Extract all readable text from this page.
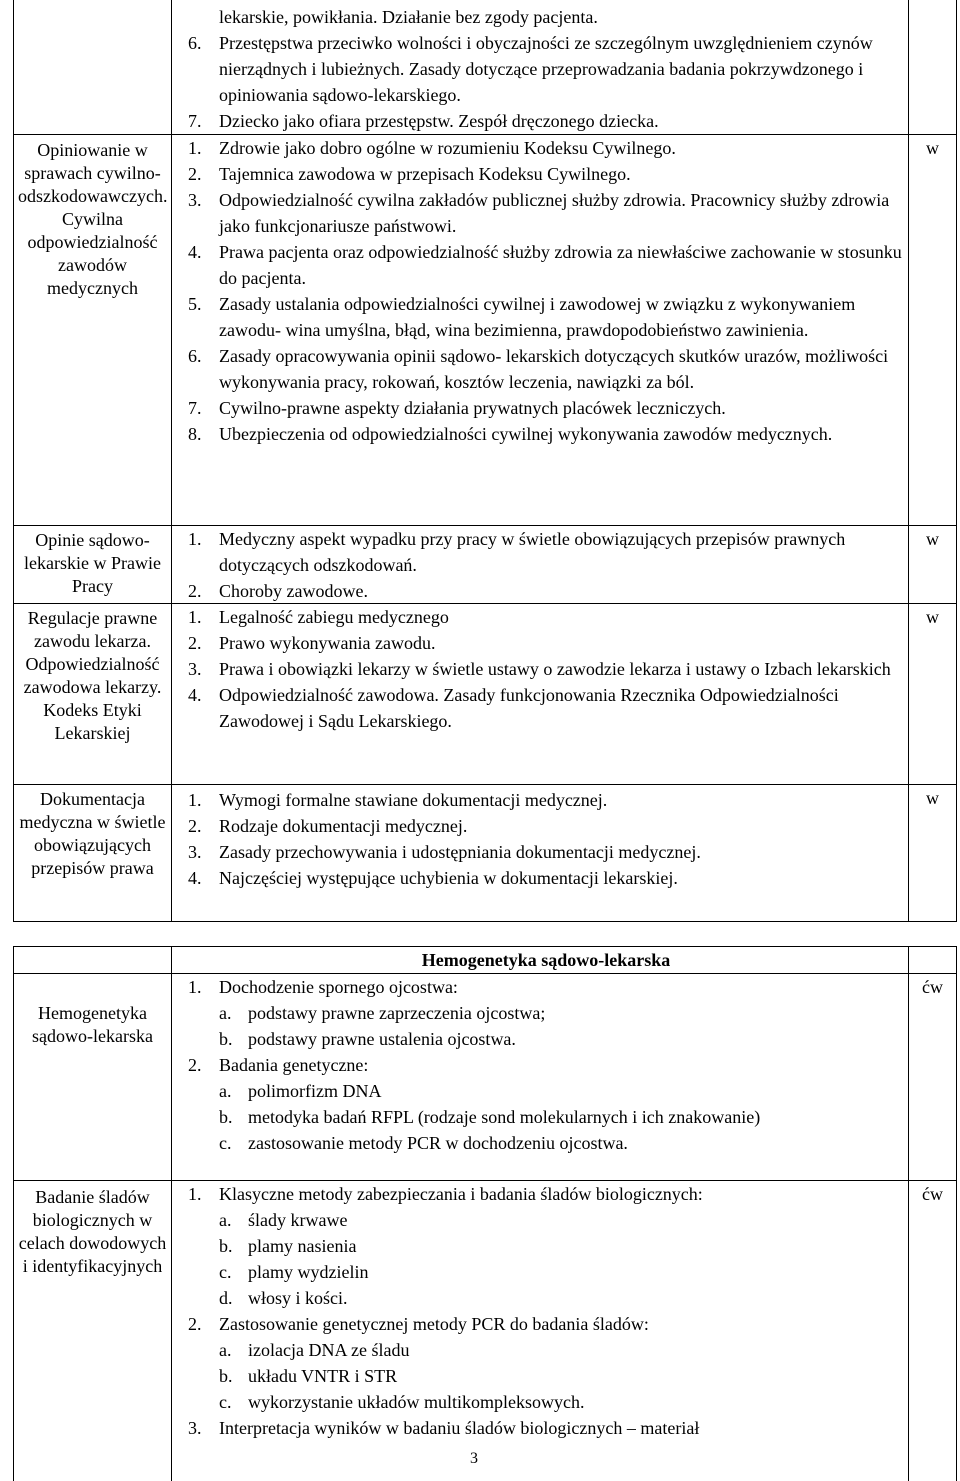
lekarskie, powikłania. Działanie bez zgody pacjenta.
6. Przestępstwa przeciwko wolności i obyczajności ze szczególnym uwzględnieniem czynów nierządnych i lubieżnych. Zasady dotyczące przeprowadzania badania pokrzywdzonego i opiniowania sądowo-lekarskiego.
7. Dziecko jako ofiara przestępstw. Zespół dręczonego dziecka.
Opiniowanie w sprawach cywilno-odszkodowawczych. Cywilna odpowiedzialność zawodów medycznych
1. Zdrowie jako dobro ogólne w rozumieniu Kodeksu Cywilnego.
2. Tajemnica zawodowa w przepisach Kodeksu Cywilnego.
3. Odpowiedzialność cywilna zakładów publicznej służby zdrowia. Pracownicy służby zdrowia jako funkcjonariusze państwowi.
4. Prawa pacjenta oraz odpowiedzialność służby zdrowia za niewłaściwe zachowanie w stosunku do pacjenta.
5. Zasady ustalania odpowiedzialności cywilnej i zawodowej w związku z wykonywaniem zawodu- wina umyślna, błąd, wina bezimienna, prawdopodobieństwo zawinienia.
6. Zasady opracowywania opinii sądowo- lekarskich dotyczących skutków urazów, możliwości wykonywania pracy, rokowań, kosztów leczenia, nawiązki za ból.
7. Cywilno-prawne aspekty działania prywatnych placówek leczniczych.
8. Ubezpieczenia od odpowiedzialności cywilnej wykonywania zawodów medycznych.
w
Opinie sądowo-lekarskie w Prawie Pracy
1. Medyczny aspekt wypadku przy pracy w świetle obowiązujących przepisów prawnych dotyczących odszkodowań.
2. Choroby zawodowe.
w
Regulacje prawne zawodu lekarza. Odpowiedzialność zawodowa lekarzy. Kodeks Etyki Lekarskiej
1. Legalność zabiegu medycznego
2. Prawo wykonywania zawodu.
3. Prawa i obowiązki lekarzy w świetle ustawy o zawodzie lekarza i ustawy o Izbach lekarskich
4. Odpowiedzialność zawodowa. Zasady funkcjonowania Rzecznika Odpowiedzialności Zawodowej i Sądu Lekarskiego.
w
Dokumentacja medyczna w świetle obowiązujących przepisów prawa
1. Wymogi formalne stawiane dokumentacji medycznej.
2. Rodzaje dokumentacji medycznej.
3. Zasady przechowywania i udostępniania dokumentacji medycznej.
4. Najczęściej występujące uchybienia w dokumentacji lekarskiej.
w
Hemogenetyka sądowo-lekarska
Hemogenetyka sądowo-lekarska
1. Dochodzenie spornego ojcostwa:
a. podstawy prawne zaprzeczenia ojcostwa;
b. podstawy prawne ustalenia ojcostwa.
2. Badania genetyczne:
a. polimorfizm DNA
b. metodyka badań RFPL (rodzaje sond molekularnych i ich znakowanie)
c. zastosowanie metody PCR w dochodzeniu ojcostwa.
ćw
Badanie śladów biologicznych w celach dowodowych i identyfikacyjnych
1. Klasyczne metody zabezpieczania i badania śladów biologicznych:
a. ślady krwawe
b. plamy nasienia
c. plamy wydzielin
d. włosy i kości.
2. Zastosowanie genetycznej metody PCR do badania śladów:
a. izolacja DNA ze śladu
b. układu VNTR i STR
c. wykorzystanie układów multikompleksowych.
3. Interpretacja wyników w badaniu śladów biologicznych – materiał
ćw
3
